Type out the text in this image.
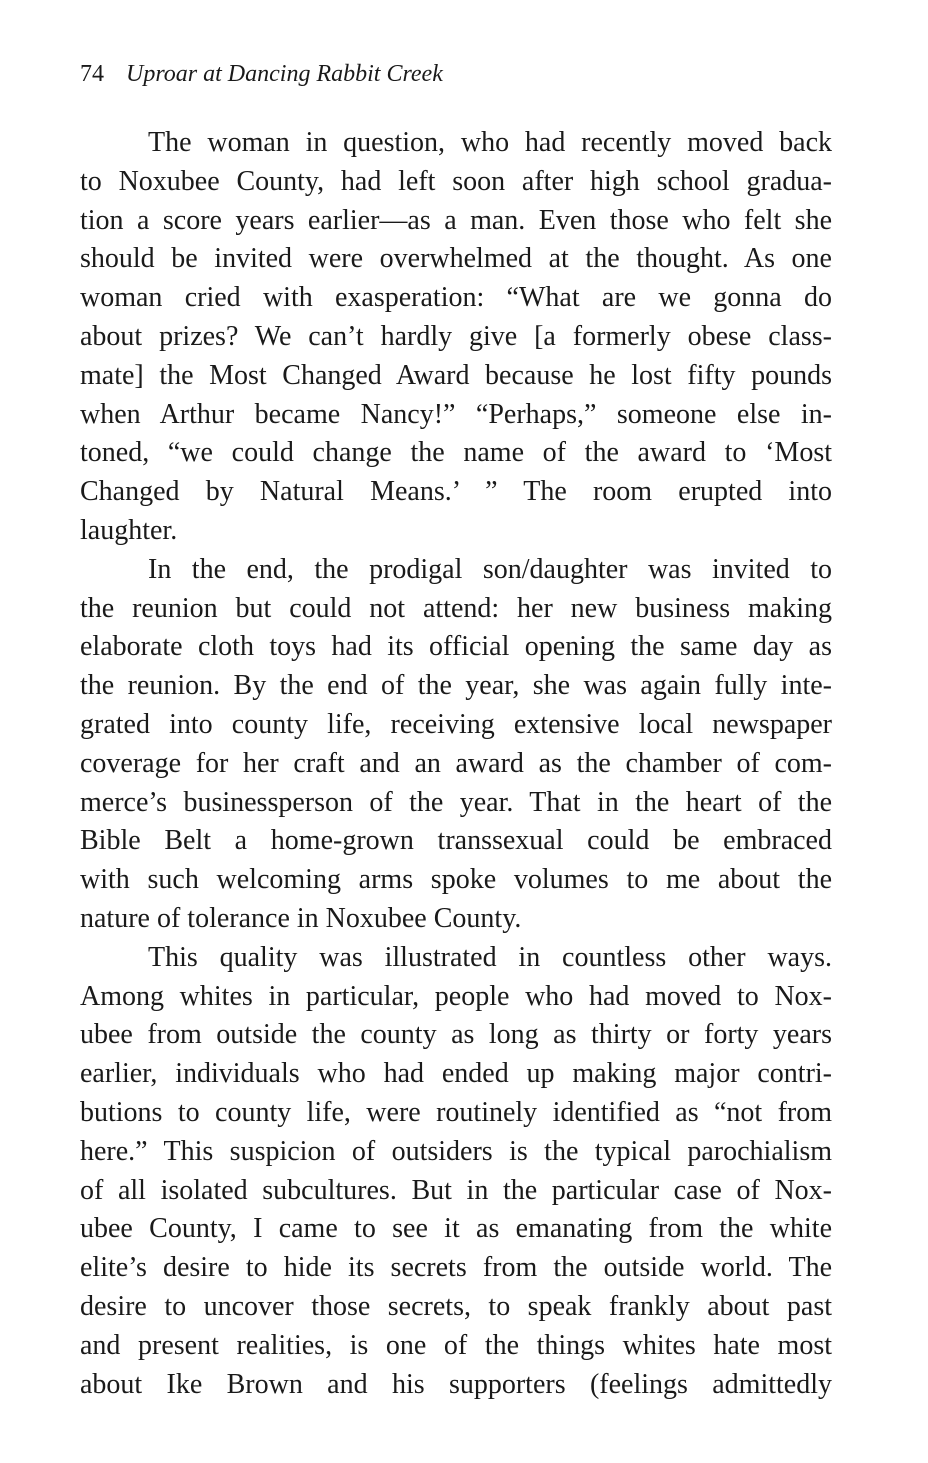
74 Uproar at Dancing Rabbit Creek
The woman in question, who had recently moved back
to Noxubee County, had left soon after high school gradua-
tion a score years earlier—as a man. Even those who felt she
should be invited were overwhelmed at the thought. As one
woman cried with exasperation: “What are we gonna do
about prizes? We can’t hardly give [a formerly obese class-
mate] the Most Changed Award because he lost fifty pounds
when Arthur became Nancy!” “Perhaps,” someone else in-
toned, “we could change the name of the award to ‘Most
Changed by Natural Means.’ ” The room erupted into
laughter.
In the end, the prodigal son/daughter was invited to
the reunion but could not attend: her new business making
elaborate cloth toys had its official opening the same day as
the reunion. By the end of the year, she was again fully inte-
grated into county life, receiving extensive local newspaper
coverage for her craft and an award as the chamber of com-
merce’s businessperson of the year. That in the heart of the
Bible Belt a home-grown transsexual could be embraced
with such welcoming arms spoke volumes to me about the
nature of tolerance in Noxubee County.
This quality was illustrated in countless other ways.
Among whites in particular, people who had moved to Nox-
ubee from outside the county as long as thirty or forty years
earlier, individuals who had ended up making major contri-
butions to county life, were routinely identified as “not from
here.” This suspicion of outsiders is the typical parochialism
of all isolated subcultures. But in the particular case of Nox-
ubee County, I came to see it as emanating from the white
elite’s desire to hide its secrets from the outside world. The
desire to uncover those secrets, to speak frankly about past
and present realities, is one of the things whites hate most
about Ike Brown and his supporters (feelings admittedly
